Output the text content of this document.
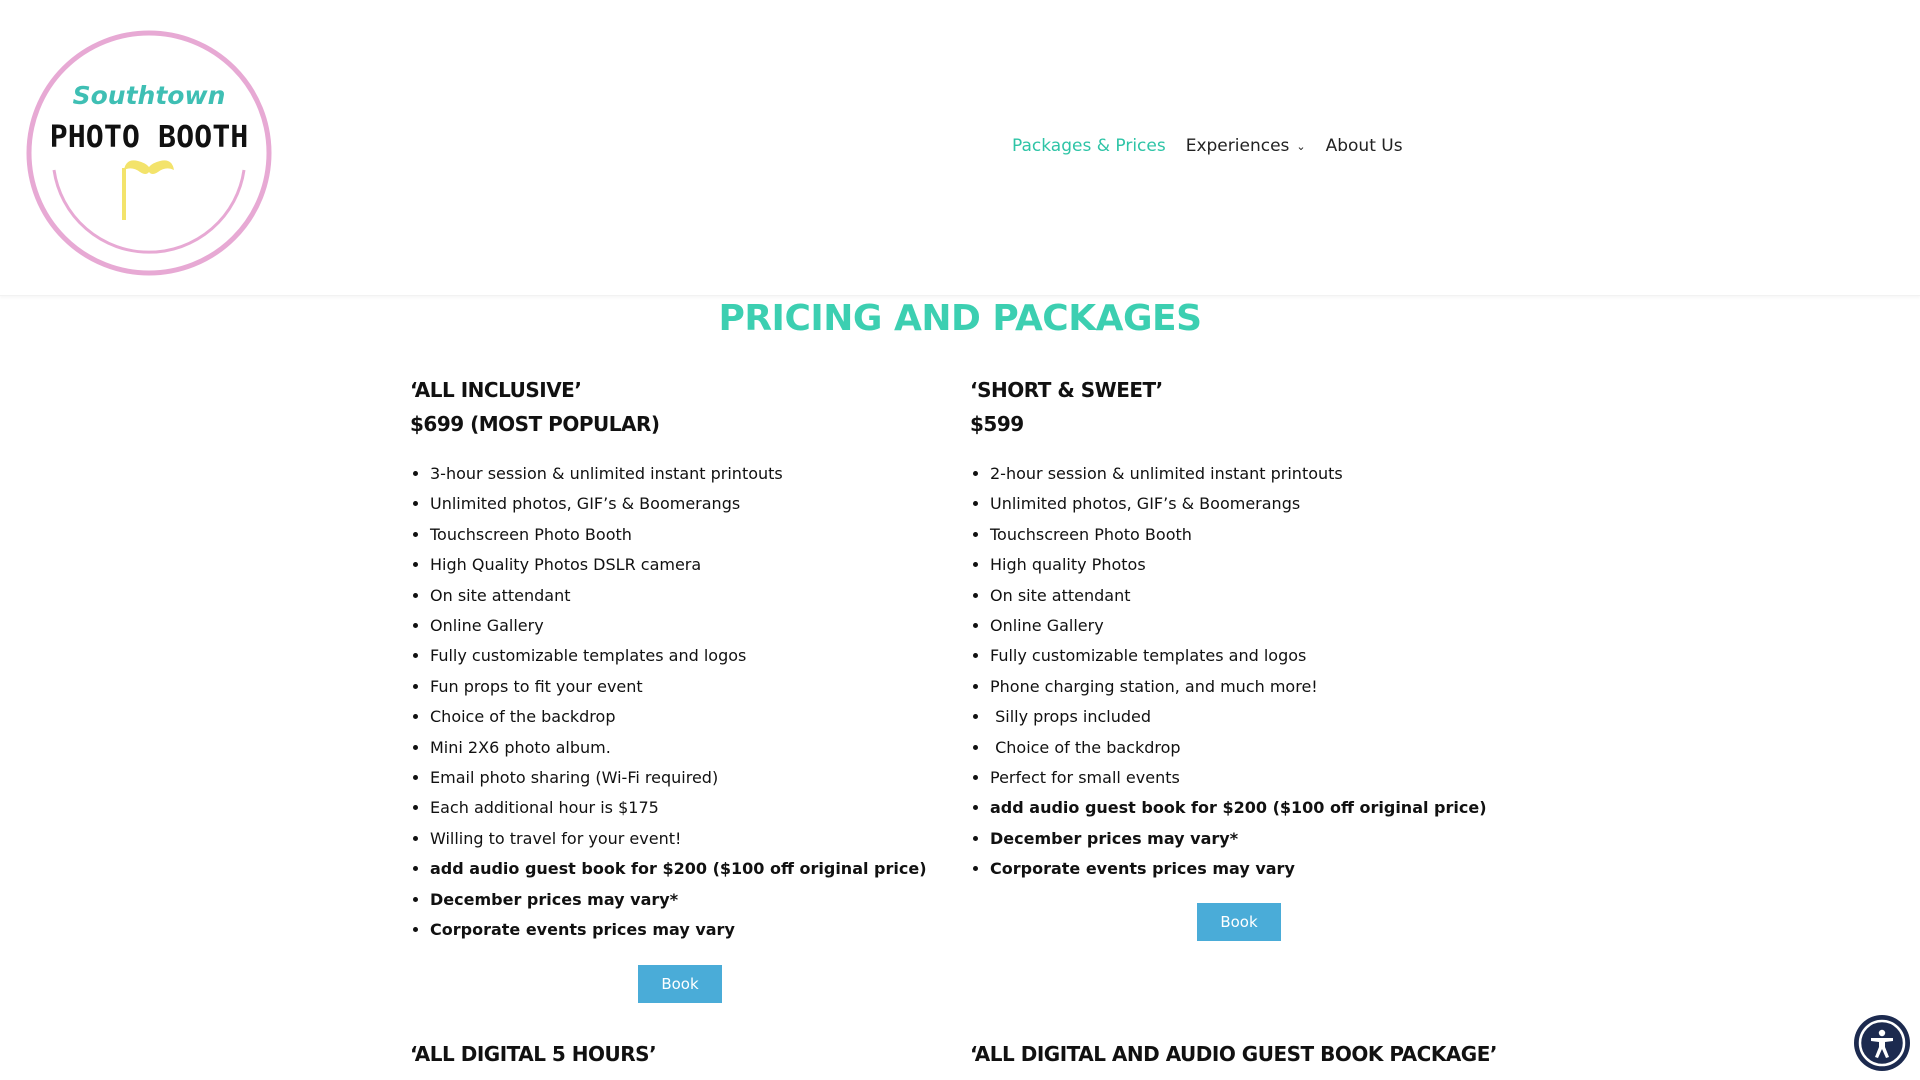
Southtown
PHOTO BOOTH	Packages & Prices Experiences ⌄ About Us
PRICING AND PACKAGES
‘ALL INCLUSIVE’
$699 (MOST POPULAR)
• 3-hour session & unlimited instant printouts
• Unlimited photos, GIF’s & Boomerangs
• Touchscreen Photo Booth
• High Quality Photos DSLR camera
• On site attendant
• Online Gallery
• Fully customizable templates and logos
• Fun props to fit your event
• Choice of the backdrop
• Mini 2X6 photo album.
• Email photo sharing (Wi-Fi required)
• Each additional hour is $175
• Willing to travel for your event!
• add audio guest book for $200 ($100 off original price)
• December prices may vary*
• Corporate events prices may vary
‘SHORT & SWEET’
$599
• 2-hour session & unlimited instant printouts
• Unlimited photos, GIF’s & Boomerangs
• Touchscreen Photo Booth
• High quality Photos
• On site attendant
• Online Gallery
• Fully customizable templates and logos
• Phone charging station, and much more!
•  Silly props included
•  Choice of the backdrop
• Perfect for small events
• add audio guest book for $200 ($100 off original price)
• December prices may vary*
• Corporate events prices may vary
Book
Book
‘ALL DIGITAL 5 HOURS’	‘ALL DIGITAL AND AUDIO GUEST BOOK PACKAGE’
